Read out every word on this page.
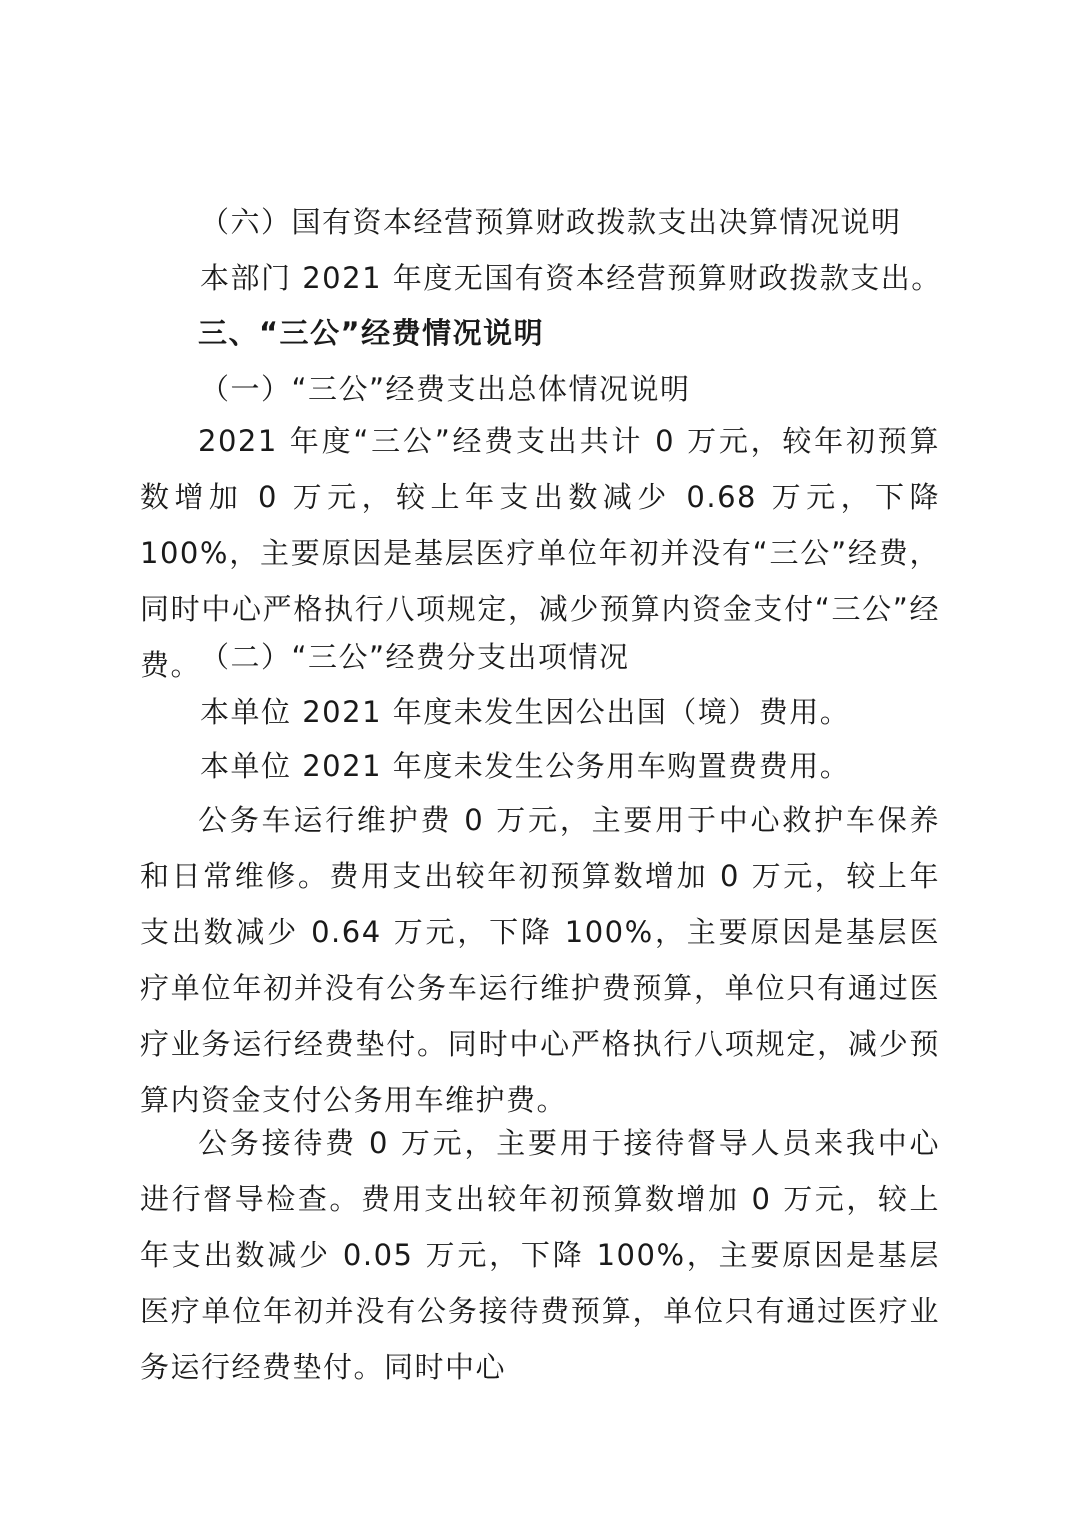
（六）国有资本经营预算财政拨款支出决算情况说明
本部门 2021 年度无国有资本经营预算财政拨款支出。
三、“三公”经费情况说明
（一）“三公”经费支出总体情况说明

2021 年度“三公”经费支出共计 0 万元，较年初预算数增加 0 万元，较上年支出数减少 0.68 万元，下降 100%，主要原因是基层医疗单位年初并没有“三公”经费，同时中心严格执行八项规定，减少预算内资金支付“三公”经费。

（二）“三公”经费分支出项情况
本单位 2021 年度未发生因公出国（境）费用。
本单位 2021 年度未发生公务用车购置费费用。

公务车运行维护费 0 万元，主要用于中心救护车保养和日常维修。费用支出较年初预算数增加 0 万元，较上年支出数减少 0.64 万元，下降 100%，主要原因是基层医疗单位年初并没有公务车运行维护费预算，单位只有通过医疗业务运行经费垫付。同时中心严格执行八项规定，减少预算内资金支付公务用车维护费。

公务接待费 0 万元，主要用于接待督导人员来我中心进行督导检查。费用支出较年初预算数增加 0 万元，较上年支出数减少 0.05 万元，下降 100%，主要原因是基层医疗单位年初并没有公务接待费预算，单位只有通过医疗业务运行经费垫付。同时中心
